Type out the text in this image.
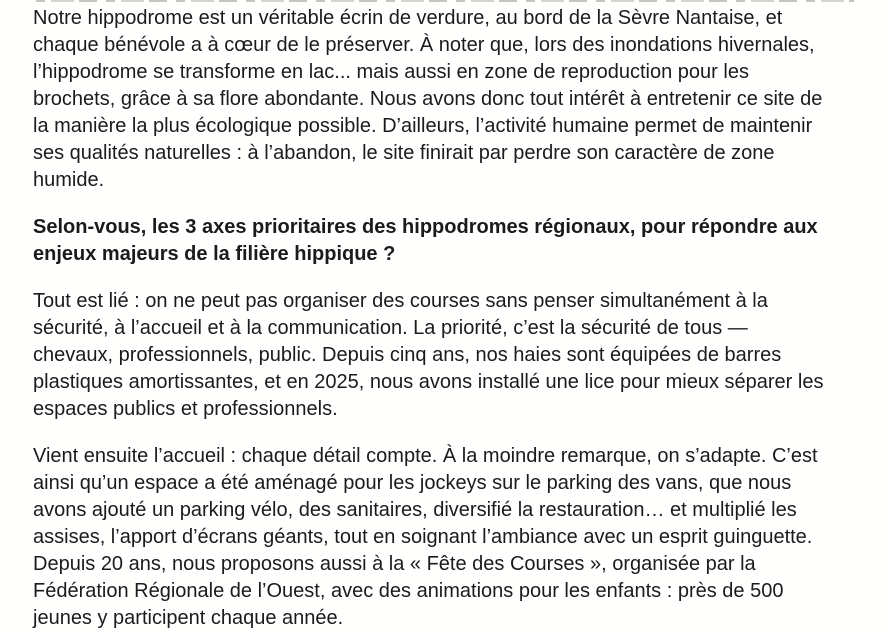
Notre hippodrome est un véritable écrin de verdure, au bord de la Sèvre Nantaise, et
chaque bénévole a à cœur de le préserver. À noter que, lors des inondations hivernales,
l’hippodrome se transforme en lac... mais aussi en zone de reproduction pour les
brochets, grâce à sa flore abondante. Nous avons donc tout intérêt à entretenir ce site de
la manière la plus écologique possible. D’ailleurs, l’activité humaine permet de maintenir
ses qualités naturelles : à l’abandon, le site finirait par perdre son caractère de zone
humide.

Selon-vous, les 3 axes prioritaires des hippodromes régionaux, pour répondre aux
enjeux majeurs de la filière hippique ?

Tout est lié : on ne peut pas organiser des courses sans penser simultanément à la
sécurité, à l’accueil et à la communication. La priorité, c’est la sécurité de tous —
chevaux, professionnels, public. Depuis cinq ans, nos haies sont équipées de barres
plastiques amortissantes, et en 2025, nous avons installé une lice pour mieux séparer les
espaces publics et professionnels.

Vient ensuite l’accueil : chaque détail compte. À la moindre remarque, on s’adapte. C’est
ainsi qu’un espace a été aménagé pour les jockeys sur le parking des vans, que nous
avons ajouté un parking vélo, des sanitaires, diversifié la restauration… et multiplié les
assises, l’apport d’écrans géants, tout en soignant l’ambiance avec un esprit guinguette.
Depuis 20 ans, nous proposons aussi à la « Fête des Courses », organisée par la
Fédération Régionale de l’Ouest, avec des animations pour les enfants : près de 500
jeunes y participent chaque année.
